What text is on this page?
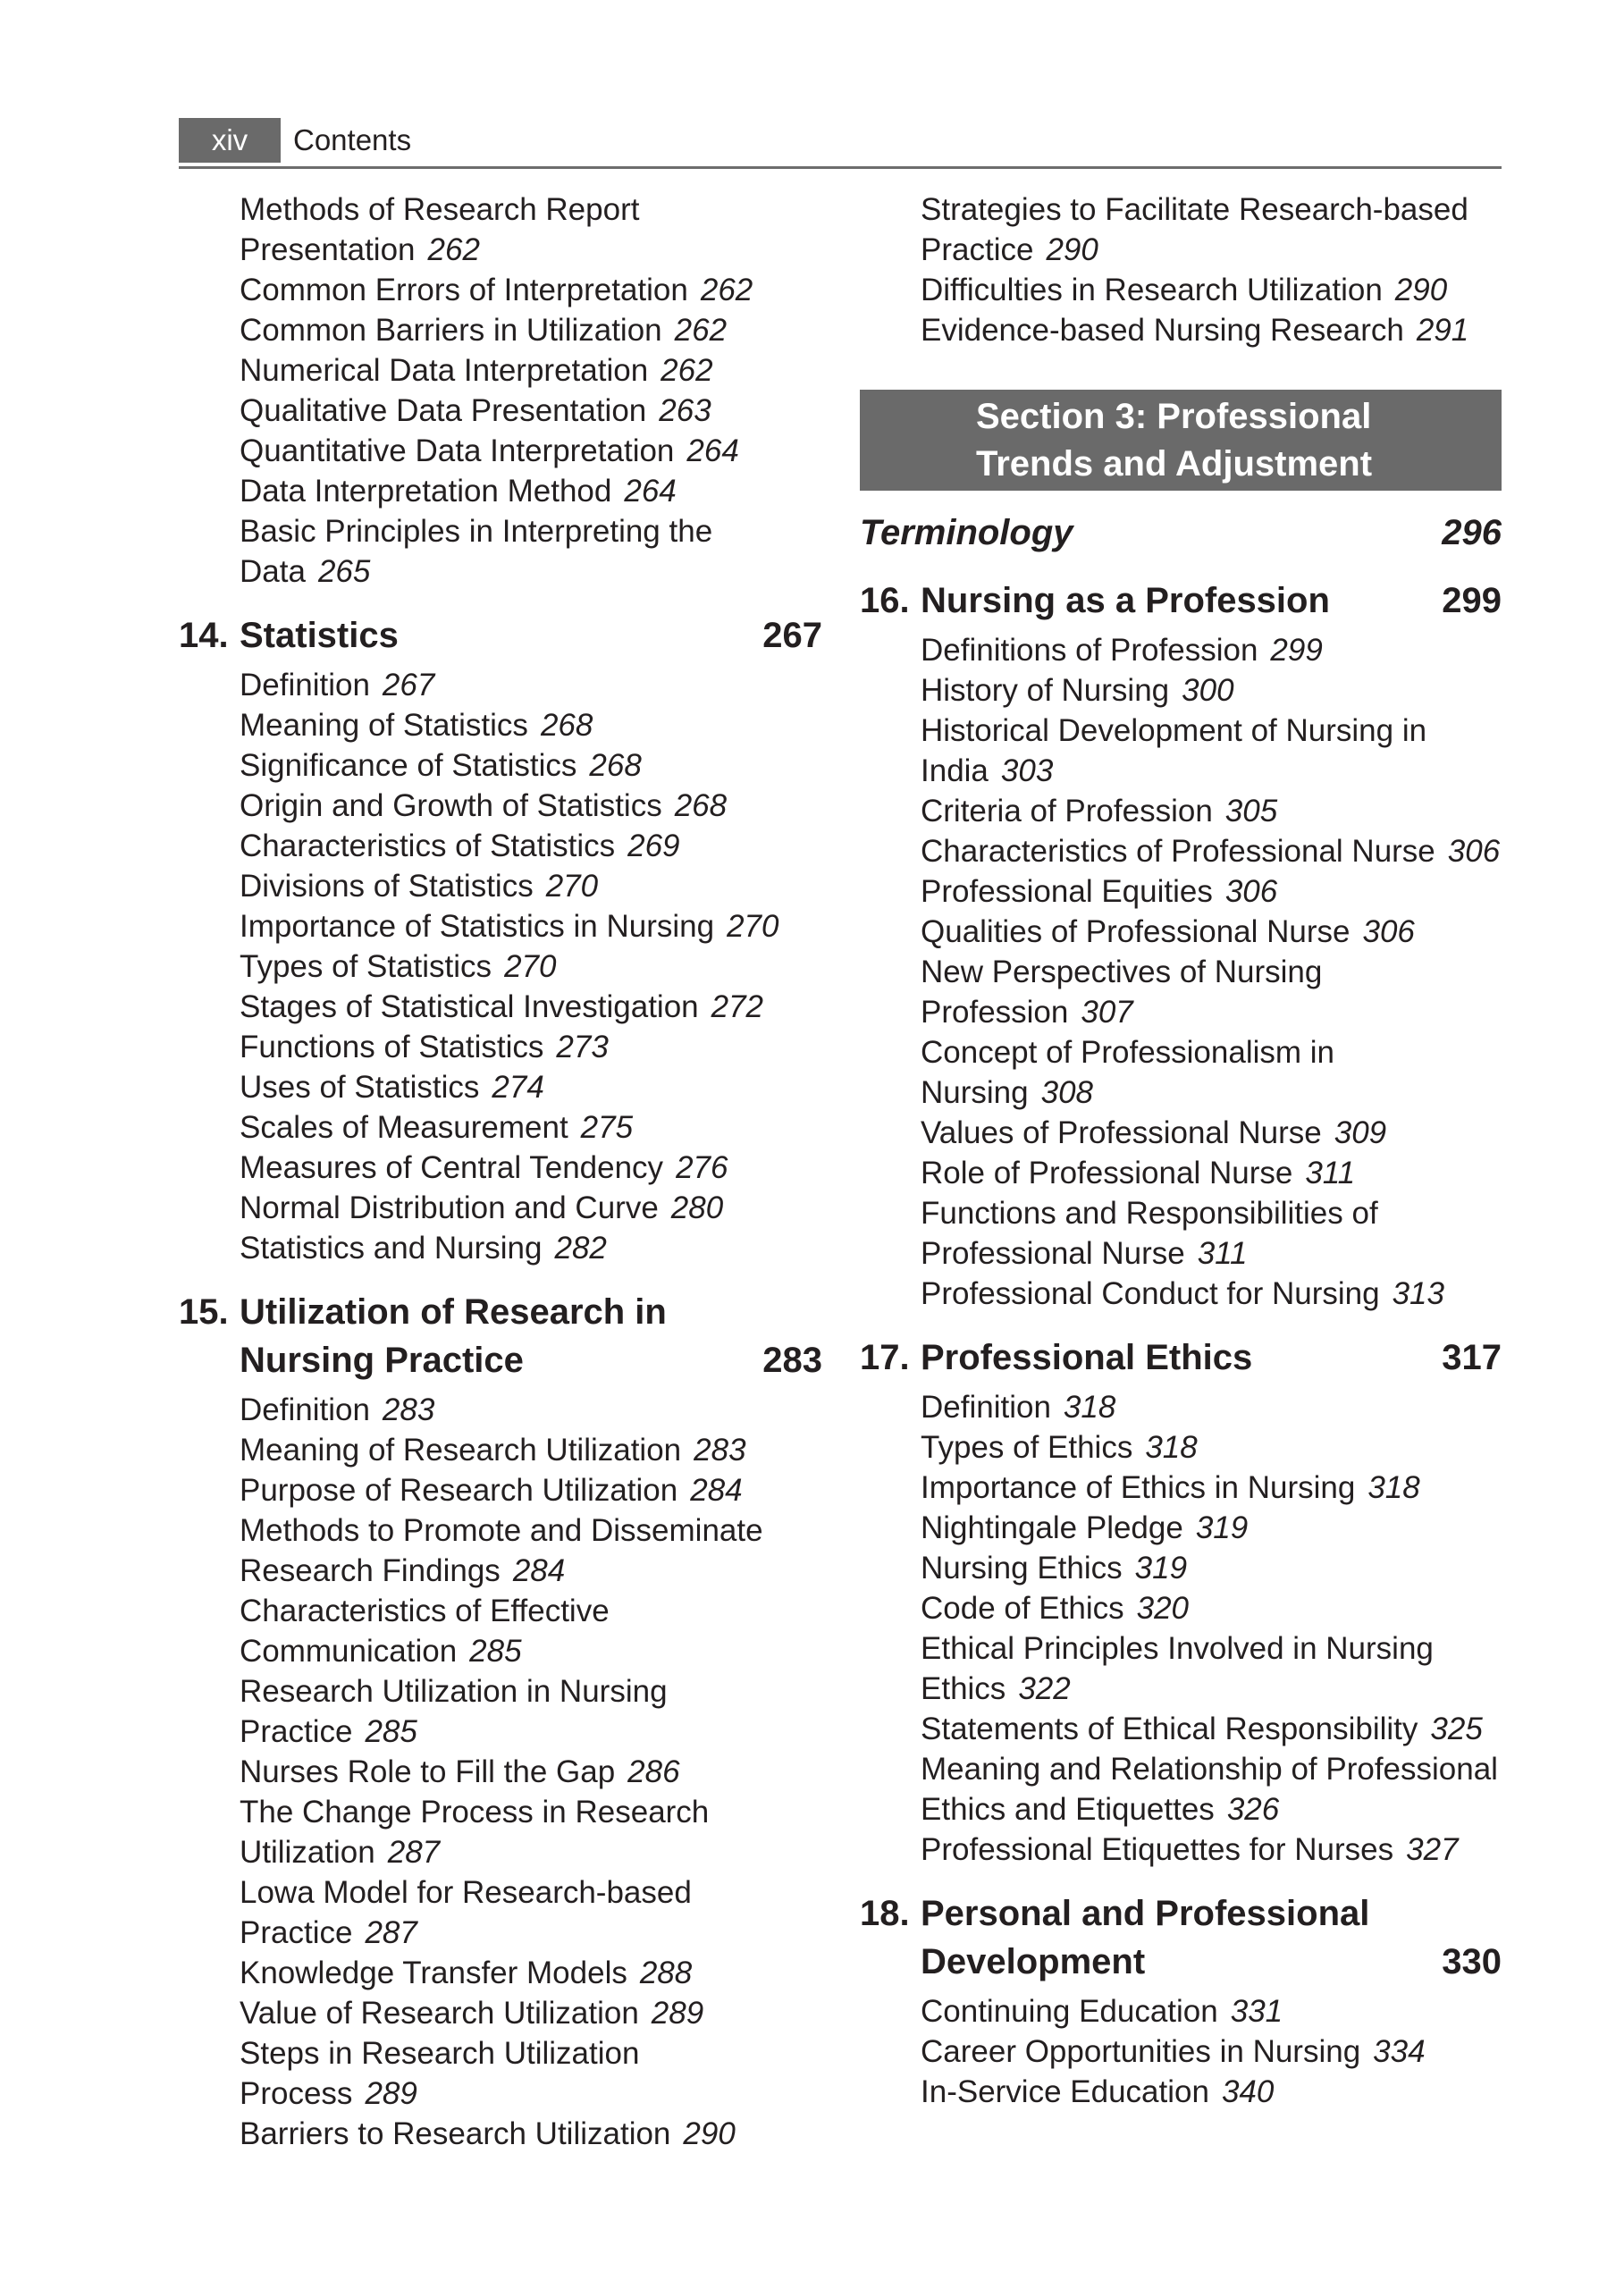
xiv	Contents
Methods of Research Report
Presentation 262
Common Errors of Interpretation 262
Common Barriers in Utilization 262
Numerical Data Interpretation 262
Qualitative Data Presentation 263
Quantitative Data Interpretation 264
Data Interpretation Method 264
Basic Principles in Interpreting the
Data 265
14. Statistics	267
Definition 267
Meaning of Statistics 268
Significance of Statistics 268
Origin and Growth of Statistics 268
Characteristics of Statistics 269
Divisions of Statistics 270
Importance of Statistics in Nursing 270
Types of Statistics 270
Stages of Statistical Investigation 272
Functions of Statistics 273
Uses of Statistics 274
Scales of Measurement 275
Measures of Central Tendency 276
Normal Distribution and Curve 280
Statistics and Nursing 282
15. Utilization of Research in
Nursing Practice	283
Definition 283
Meaning of Research Utilization 283
Purpose of Research Utilization 284
Methods to Promote and Disseminate
Research Findings 284
Characteristics of Effective
Communication 285
Research Utilization in Nursing
Practice 285
Nurses Role to Fill the Gap 286
The Change Process in Research
Utilization 287
Lowa Model for Research-based
Practice 287
Knowledge Transfer Models 288
Value of Research Utilization 289
Steps in Research Utilization Process 289
Barriers to Research Utilization 290
Strategies to Facilitate Research-based
Practice 290
Difficulties in Research Utilization 290
Evidence-based Nursing Research 291
Section 3: Professional
Trends and Adjustment
Terminology	296
16. Nursing as a Profession	299
Definitions of Profession 299
History of Nursing 300
Historical Development of Nursing in
India 303
Criteria of Profession 305
Characteristics of Professional Nurse 306
Professional Equities 306
Qualities of Professional Nurse 306
New Perspectives of Nursing
Profession 307
Concept of Professionalism in
Nursing 308
Values of Professional Nurse 309
Role of Professional Nurse 311
Functions and Responsibilities of
Professional Nurse 311
Professional Conduct for Nursing 313
17. Professional Ethics	317
Definition 318
Types of Ethics 318
Importance of Ethics in Nursing 318
Nightingale Pledge 319
Nursing Ethics 319
Code of Ethics 320
Ethical Principles Involved in Nursing
Ethics 322
Statements of Ethical Responsibility 325
Meaning and Relationship of Professional
Ethics and Etiquettes 326
Professional Etiquettes for Nurses 327
18. Personal and Professional
Development	330
Continuing Education 331
Career Opportunities in Nursing 334
In-Service Education 340
